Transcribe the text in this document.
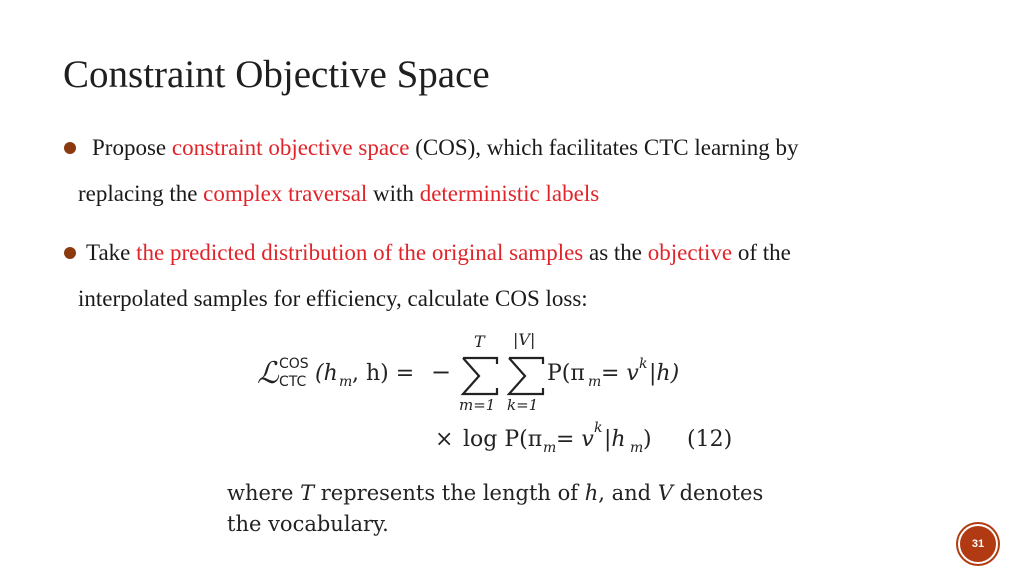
Constraint Objective Space
Propose constraint objective space (COS), which facilitates CTC learning by
replacing the complex traversal with deterministic labels
Take the predicted distribution of the original samples as the objective of the
interpolated samples for efficiency, calculate COS loss:
ℒ COS
CTC (h m , h) = −
T
m=1
|V|
k=1
P(π m = v k |h)
× log P(π m = v k |h m ) (12)
where T represents the length of h, and V denotes
the vocabulary.
31
